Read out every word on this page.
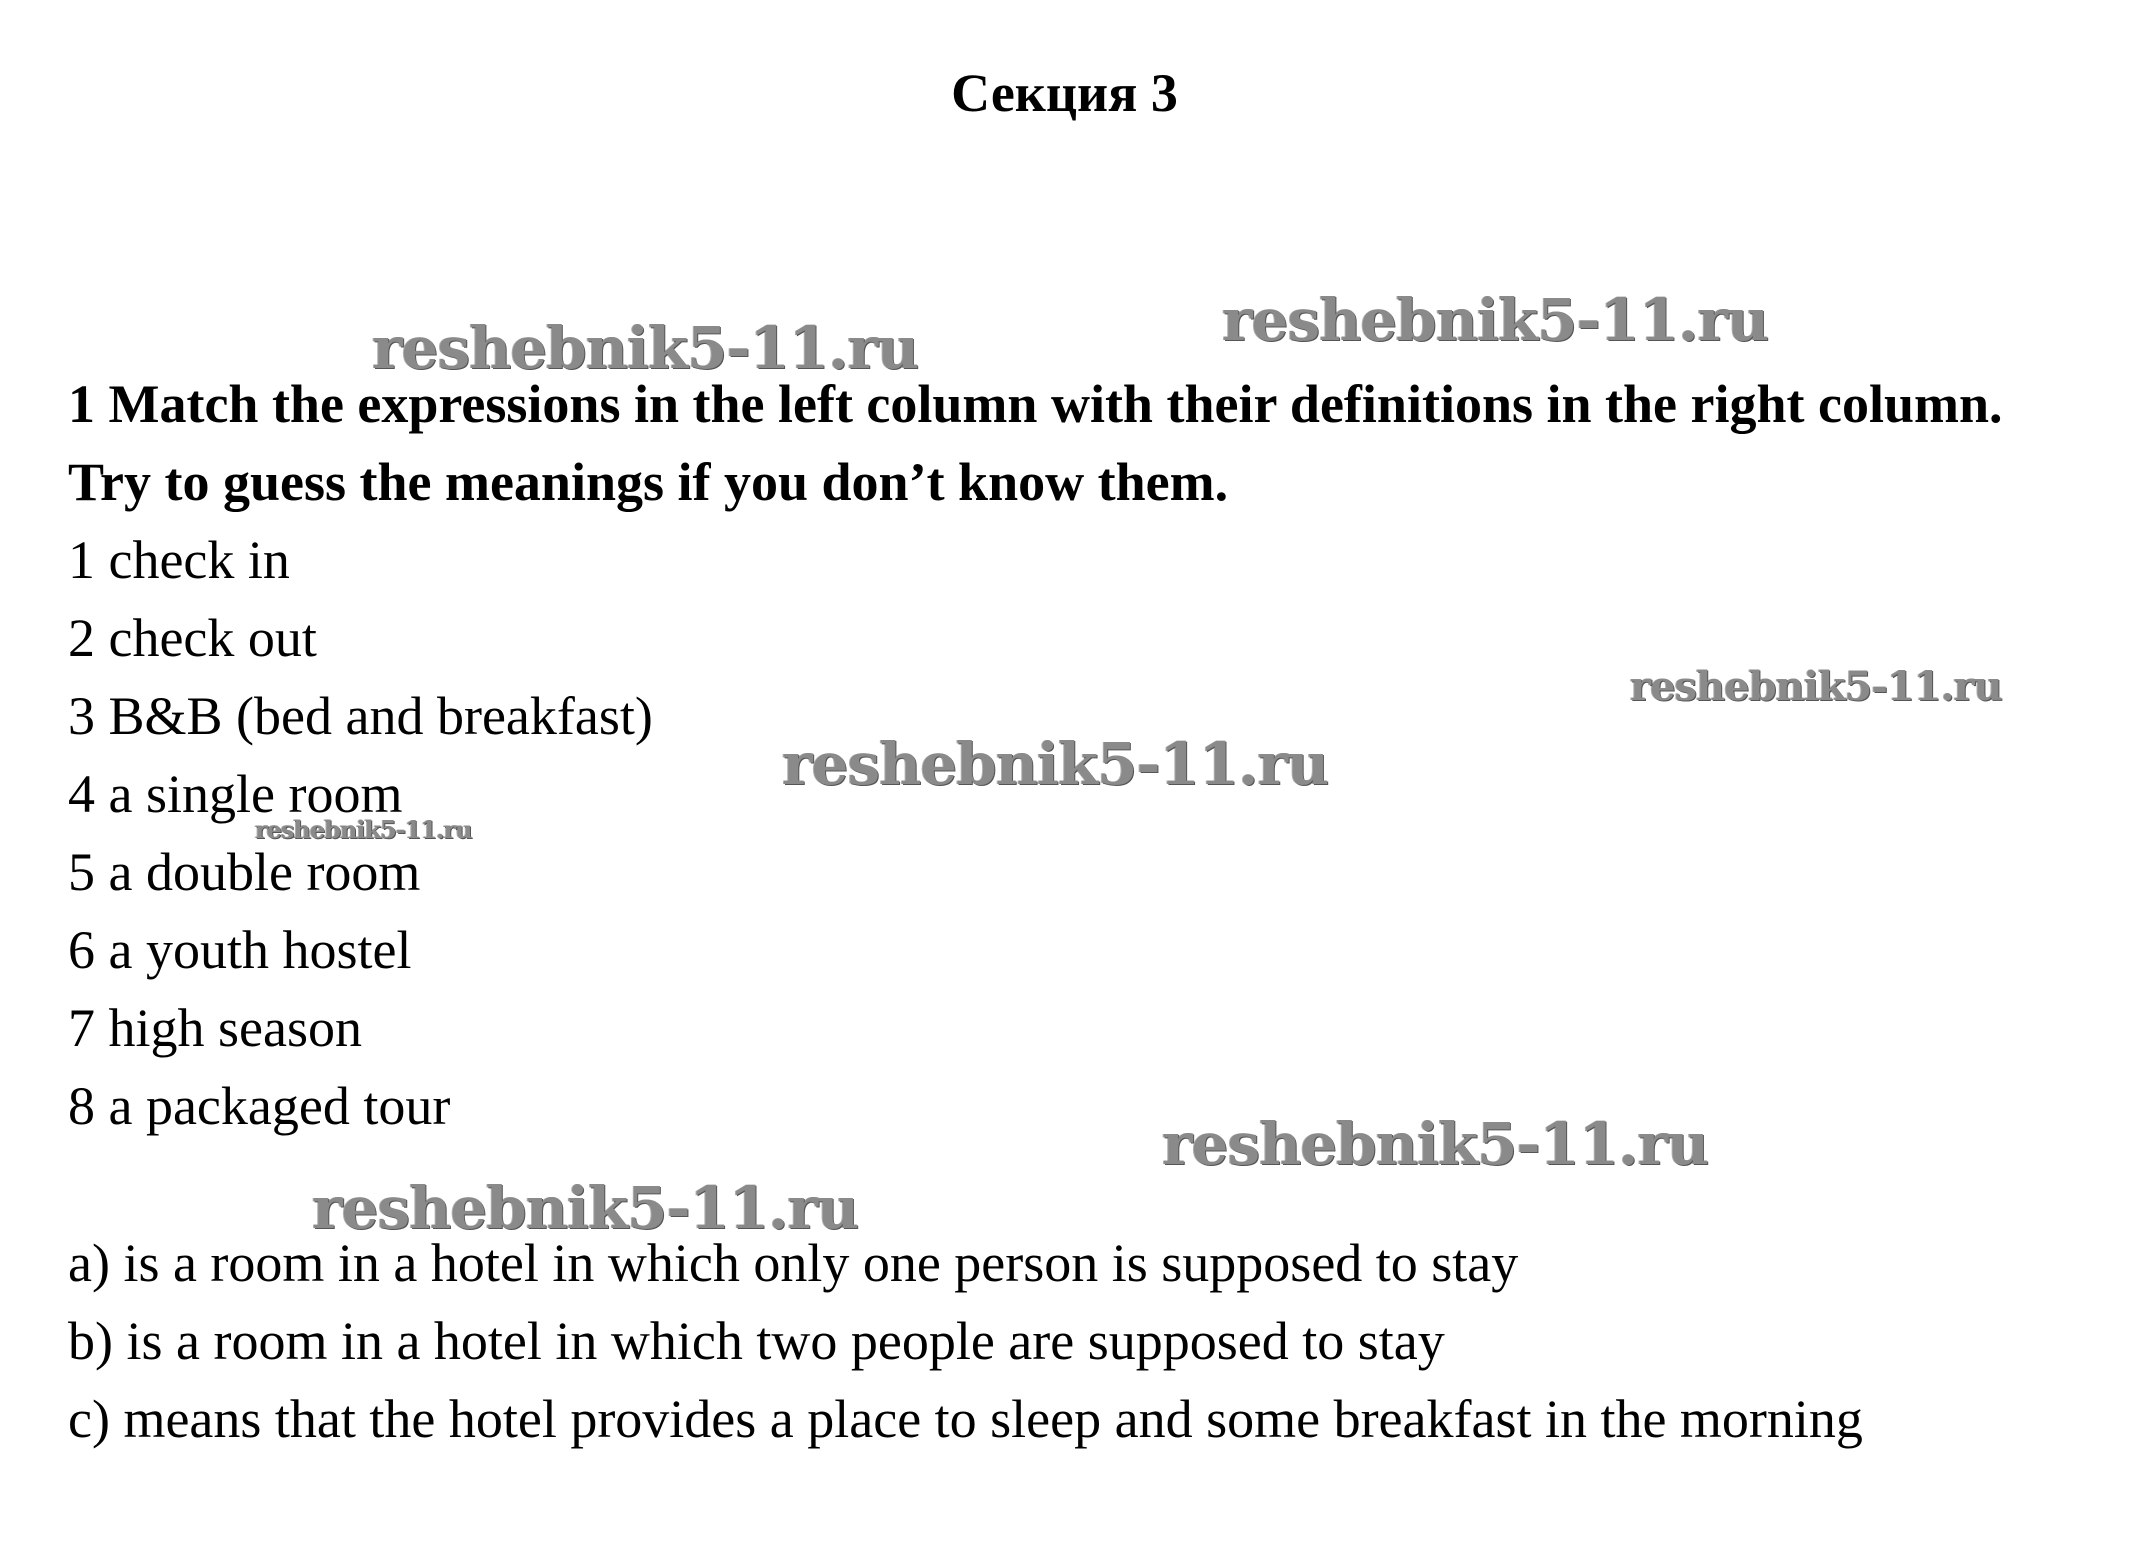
Секция 3

1 Match the expressions in the left column with their definitions in the right column. Try to guess the meanings if you don’t know them.

1 check in
2 check out
3 B&B (bed and breakfast)
4 a single room
5 a double room
6 a youth hostel
7 high season
8 a packaged tour
a) is a room in a hotel in which only one person is supposed to stay
b) is a room in a hotel in which two people are supposed to stay
c) means that the hotel provides a place to sleep and some breakfast in the morning
reshebnik5-11.ru	reshebnik5-11.ru
reshebnik5-11.ru
reshebnik5-11.ru
reshebnik5-11.ru
reshebnik5-11.ru
reshebnik5-11.ru
